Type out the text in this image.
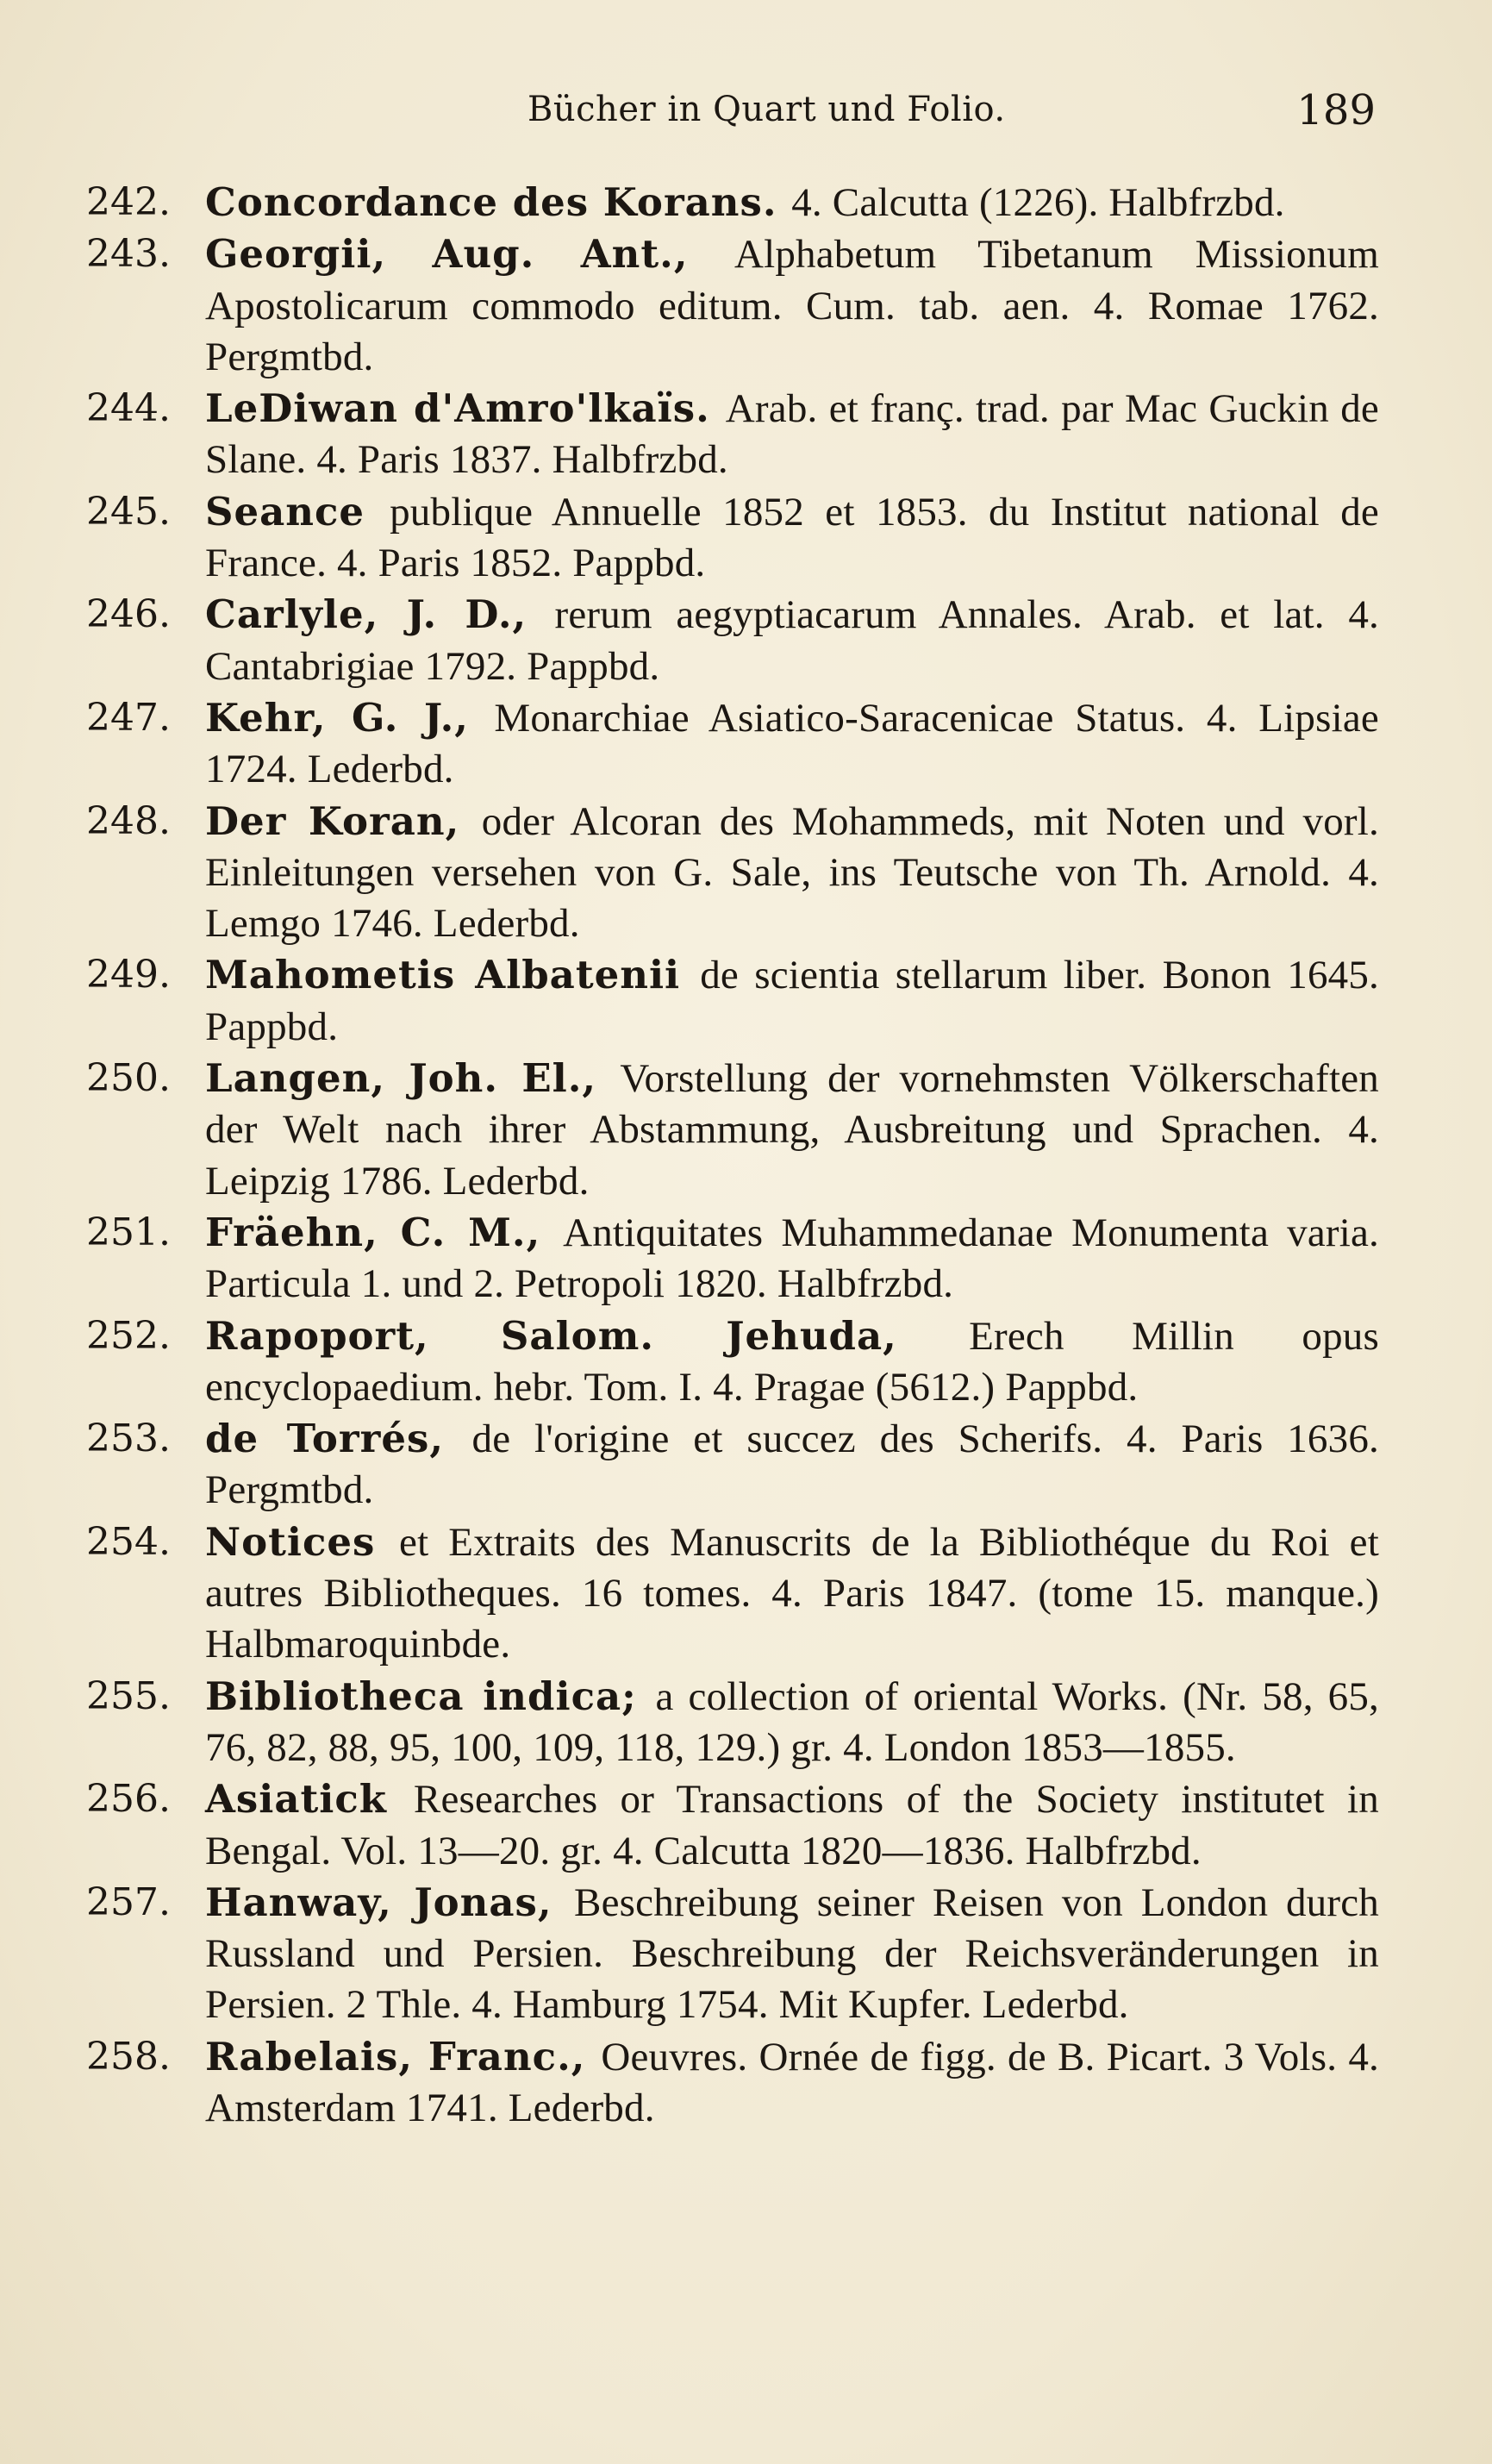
Bücher in Quart und Folio.	189
242. Concordance des Korans. 4. Calcutta (1226). Halbfrzbd.
243. Georgii, Aug. Ant., Alphabetum Tibetanum Missionum Apostolicarum commodo editum. Cum. tab. aen. 4. Romae 1762. Pergmtbd.
244. LeDiwan d'Amro'lkaïs. Arab. et franç. trad. par Mac Guckin de Slane. 4. Paris 1837. Halbfrzbd.
245. Seance publique Annuelle 1852 et 1853. du Institut national de France. 4. Paris 1852. Pappbd.
246. Carlyle, J. D., rerum aegyptiacarum Annales. Arab. et lat. 4. Cantabrigiae 1792. Pappbd.
247. Kehr, G. J., Monarchiae Asiatico-Saracenicae Status. 4. Lipsiae 1724. Lederbd.
248. Der Koran, oder Alcoran des Mohammeds, mit Noten und vorl. Einleitungen versehen von G. Sale, ins Teutsche von Th. Arnold. 4. Lemgo 1746. Lederbd.
249. Mahometis Albatenii de scientia stellarum liber. Bonon 1645. Pappbd.
250. Langen, Joh. El., Vorstellung der vornehmsten Völkerschaften der Welt nach ihrer Abstammung, Ausbreitung und Sprachen. 4. Leipzig 1786. Lederbd.
251. Fräehn, C. M., Antiquitates Muhammedanae Monumenta varia. Particula 1. und 2. Petropoli 1820. Halbfrzbd.
252. Rapoport, Salom. Jehuda, Erech Millin opus encyclopaedium. hebr. Tom. I. 4. Pragae (5612.) Pappbd.
253. de Torrés, de l'origine et succez des Scherifs. 4. Paris 1636. Pergmtbd.
254. Notices et Extraits des Manuscrits de la Bibliothéque du Roi et autres Bibliotheques. 16 tomes. 4. Paris 1847. (tome 15. manque.) Halbmaroquinbde.
255. Bibliotheca indica; a collection of oriental Works. (Nr. 58, 65, 76, 82, 88, 95, 100, 109, 118, 129.) gr. 4. London 1853—1855.
256. Asiatick Researches or Transactions of the Society institutet in Bengal. Vol. 13—20. gr. 4. Calcutta 1820—1836. Halbfrzbd.
257. Hanway, Jonas, Beschreibung seiner Reisen von London durch Russland und Persien. Beschreibung der Reichsveränderungen in Persien. 2 Thle. 4. Hamburg 1754. Mit Kupfer. Lederbd.
258. Rabelais, Franc., Oeuvres. Ornée de figg. de B. Picart. 3 Vols. 4. Amsterdam 1741. Lederbd.
